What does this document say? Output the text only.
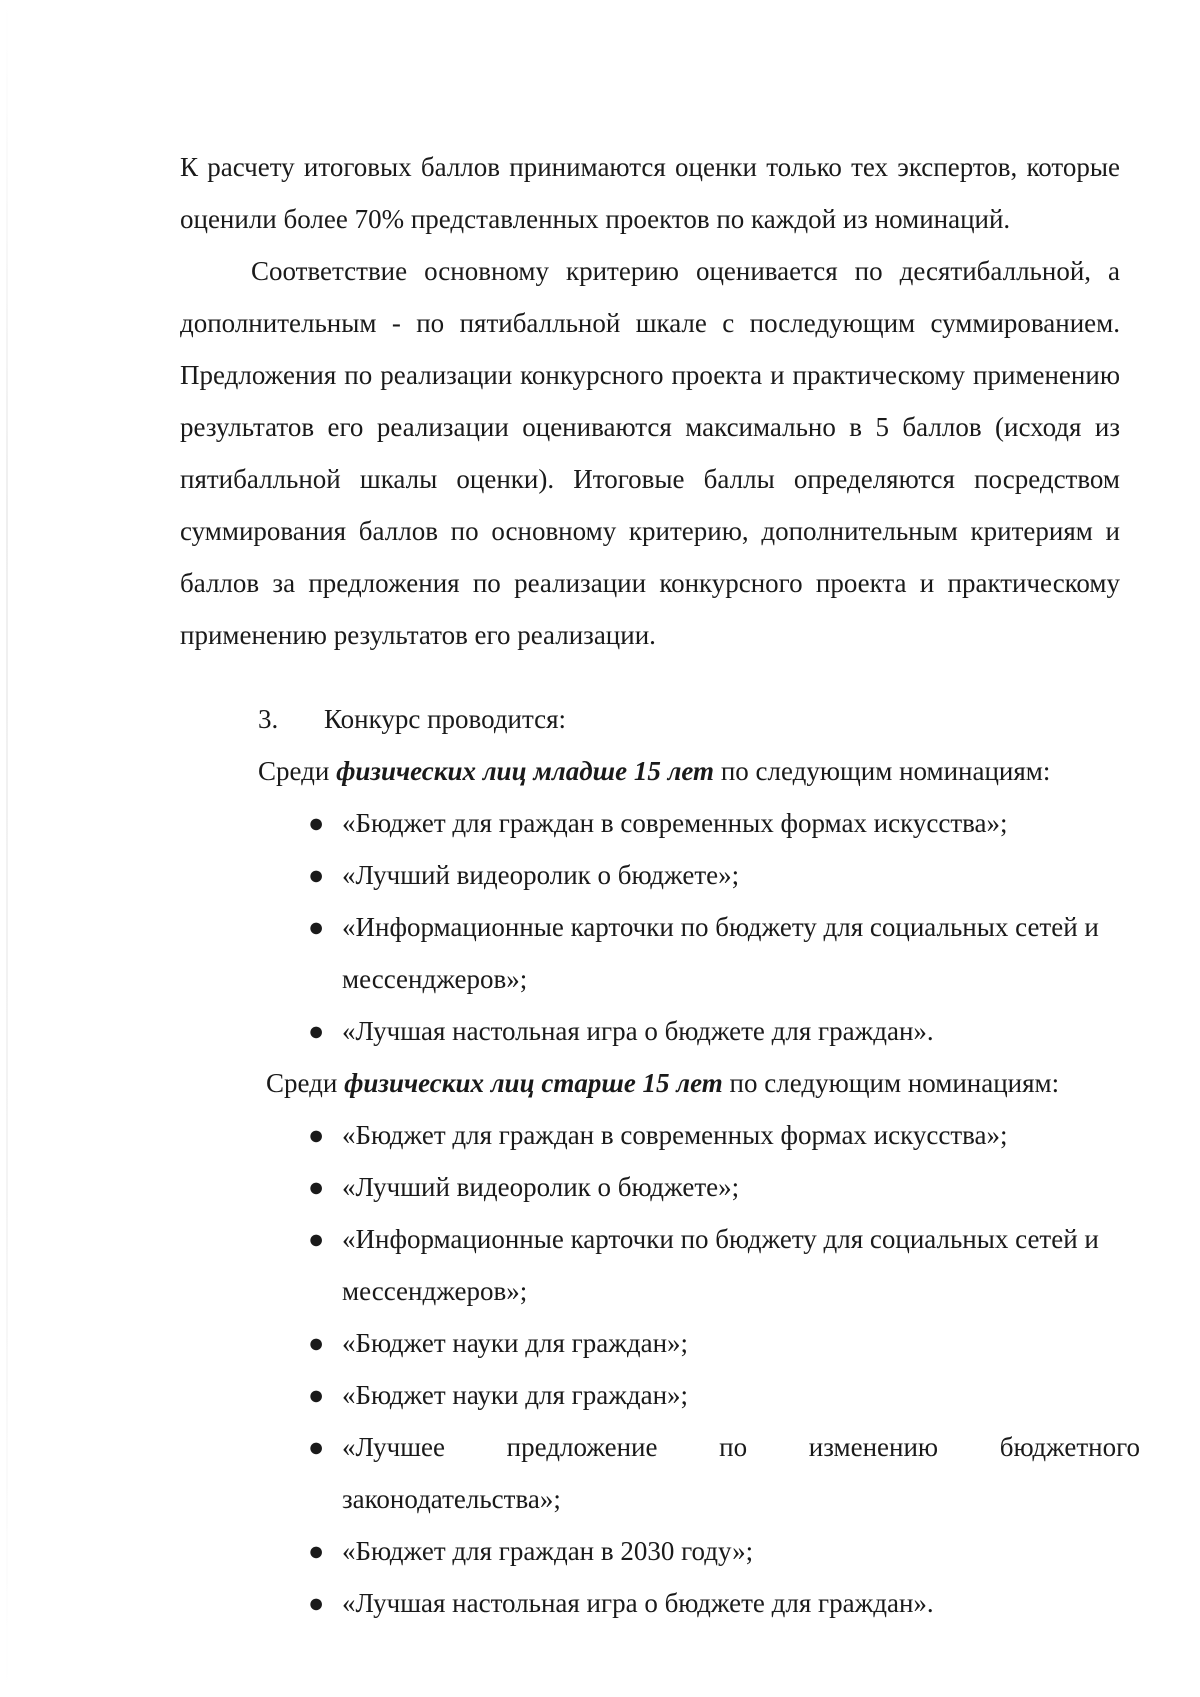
К расчету итоговых баллов принимаются оценки только тех экспертов, которые оценили более 70% представленных проектов по каждой из номинаций.

Соответствие основному критерию оценивается по десятибалльной, а дополнительным - по пятибалльной шкале с последующим суммированием. Предложения по реализации конкурсного проекта и практическому применению результатов его реализации оцениваются максимально в 5 баллов (исходя из пятибалльной шкалы оценки). Итоговые баллы определяются посредством суммирования баллов по основному критерию, дополнительным критериям и баллов за предложения по реализации конкурсного проекта и практическому применению результатов его реализации.

3. Конкурс проводится:

Среди физических лиц младше 15 лет по следующим номинациям:

● «Бюджет для граждан в современных формах искусства»;
● «Лучший видеоролик о бюджете»;
● «Информационные карточки по бюджету для социальных сетей и мессенджеров»;
● «Лучшая настольная игра о бюджете для граждан».

Среди физических лиц старше 15 лет по следующим номинациям:

● «Бюджет для граждан в современных формах искусства»;
● «Лучший видеоролик о бюджете»;
● «Информационные карточки по бюджету для социальных сетей и мессенджеров»;
● «Бюджет науки для граждан»;
● «Бюджет науки для граждан»;
● «Лучшее предложение по изменению бюджетного
законодательства»;
● «Бюджет для граждан в 2030 году»;
● «Лучшая настольная игра о бюджете для граждан».
